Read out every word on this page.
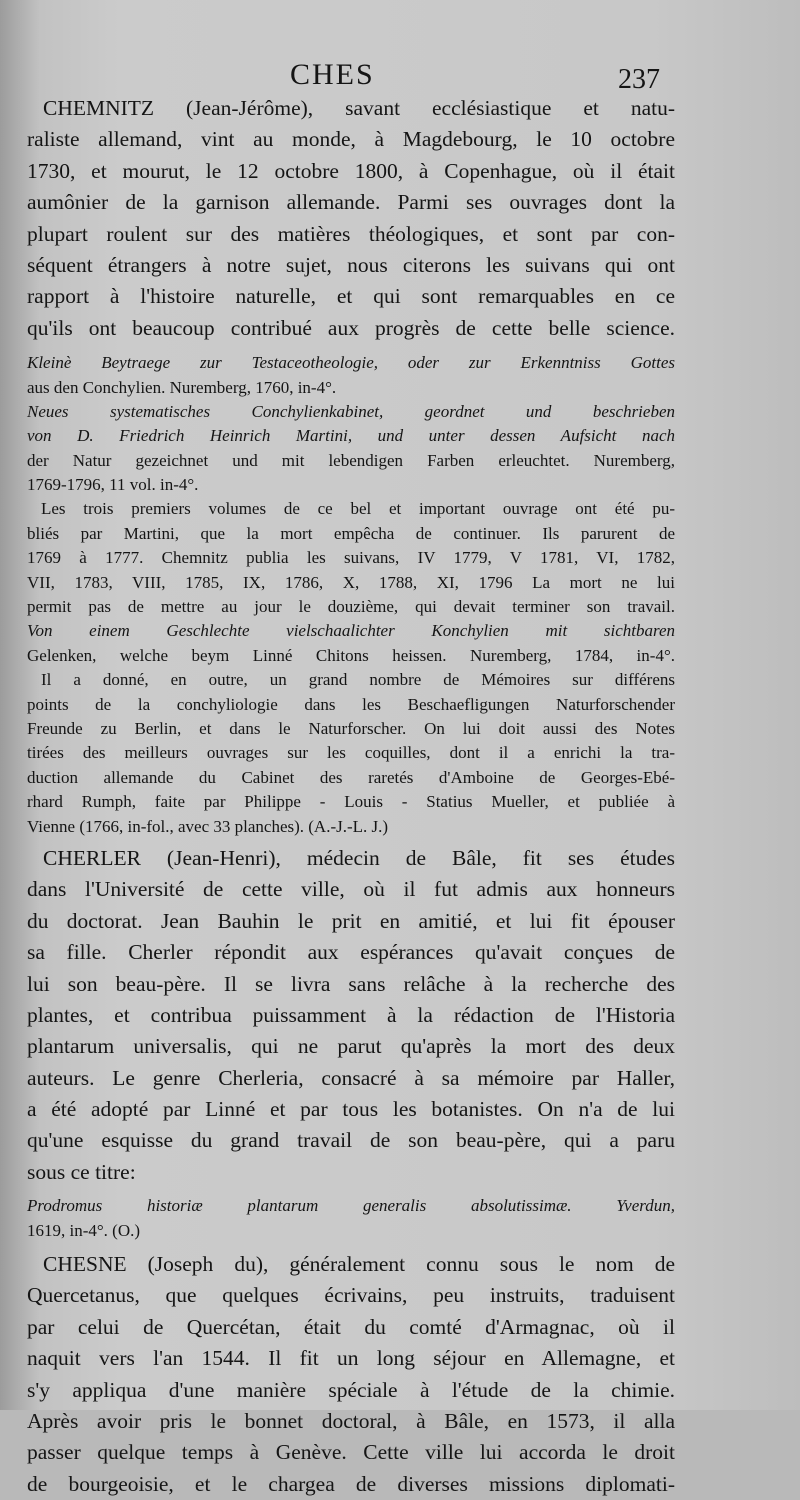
CHES	237
CHEMNITZ (Jean-Jérôme), savant ecclésiastique et natu-
raliste allemand, vint au monde, à Magdebourg, le 10 octobre
1730, et mourut, le 12 octobre 1800, à Copenhague, où il était
aumônier de la garnison allemande. Parmi ses ouvrages dont la
plupart roulent sur des matières théologiques, et sont par con-
séquent étrangers à notre sujet, nous citerons les suivans qui ont
rapport à l'histoire naturelle, et qui sont remarquables en ce
qu'ils ont beaucoup contribué aux progrès de cette belle science.
Kleinè Beytraege zur Testaceotheologie, oder zur Erkenntniss Gottes
aus den Conchylien. Nuremberg, 1760, in-4°.
Neues systematisches Conchylienkabinet, geordnet und beschrieben
von D. Friedrich Heinrich Martini, und unter dessen Aufsicht nach
der Natur gezeichnet und mit lebendigen Farben erleuchtet. Nuremberg,
1769-1796, 11 vol. in-4°.
Les trois premiers volumes de ce bel et important ouvrage ont été pu-
bliés par Martini, que la mort empêcha de continuer. Ils parurent de
1769 à 1777. Chemnitz publia les suivans, IV 1779, V 1781, VI, 1782,
VII, 1783, VIII, 1785, IX, 1786, X, 1788, XI, 1796 La mort ne lui
permit pas de mettre au jour le douzième, qui devait terminer son travail.
Von einem Geschlechte vielschaalichter Konchylien mit sichtbaren
Gelenken, welche beym Linné Chitons heissen. Nuremberg, 1784, in-4°.
Il a donné, en outre, un grand nombre de Mémoires sur différens
points de la conchyliologie dans les Beschaefligungen Naturforschender
Freunde zu Berlin, et dans le Naturforscher. On lui doit aussi des Notes
tirées des meilleurs ouvrages sur les coquilles, dont il a enrichi la tra-
duction allemande du Cabinet des raretés d'Amboine de Georges-Ebé-
rhard Rumph, faite par Philippe - Louis - Statius Mueller, et publiée à
Vienne (1766, in-fol., avec 33 planches). (A.-J.-L. J.)
CHERLER (Jean-Henri), médecin de Bâle, fit ses études
dans l'Université de cette ville, où il fut admis aux honneurs
du doctorat. Jean Bauhin le prit en amitié, et lui fit épouser
sa fille. Cherler répondit aux espérances qu'avait conçues de
lui son beau-père. Il se livra sans relâche à la recherche des
plantes, et contribua puissamment à la rédaction de l'Historia
plantarum universalis, qui ne parut qu'après la mort des deux
auteurs. Le genre Cherleria, consacré à sa mémoire par Haller,
a été adopté par Linné et par tous les botanistes. On n'a de lui
qu'une esquisse du grand travail de son beau-père, qui a paru
sous ce titre:
Prodromus historiæ plantarum generalis absolutissimæ. Yverdun,
1619, in-4°. (O.)
CHESNE (Joseph du), généralement connu sous le nom de
Quercetanus, que quelques écrivains, peu instruits, traduisent
par celui de Quercétan, était du comté d'Armagnac, où il
naquit vers l'an 1544. Il fit un long séjour en Allemagne, et
s'y appliqua d'une manière spéciale à l'étude de la chimie.
Après avoir pris le bonnet doctoral, à Bâle, en 1573, il alla
passer quelque temps à Genève. Cette ville lui accorda le droit
de bourgeoisie, et le chargea de diverses missions diplomati-
